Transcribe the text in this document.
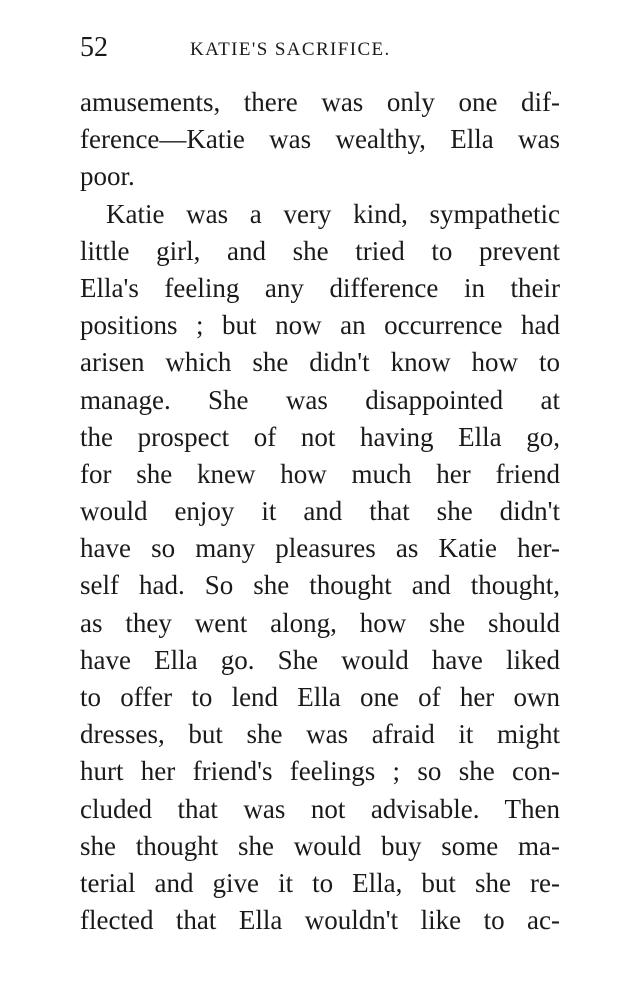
52	KATIE'S SACRIFICE.
amusements, there was only one dif-
ference—Katie was wealthy, Ella was
poor.
Katie was a very kind, sympathetic
little girl, and she tried to prevent
Ella's feeling any difference in their
positions ; but now an occurrence had
arisen which she didn't know how to
manage. She was disappointed at
the prospect of not having Ella go,
for she knew how much her friend
would enjoy it and that she didn't
have so many pleasures as Katie her-
self had. So she thought and thought,
as they went along, how she should
have Ella go. She would have liked
to offer to lend Ella one of her own
dresses, but she was afraid it might
hurt her friend's feelings ; so she con-
cluded that was not advisable. Then
she thought she would buy some ma-
terial and give it to Ella, but she re-
flected that Ella wouldn't like to ac-
